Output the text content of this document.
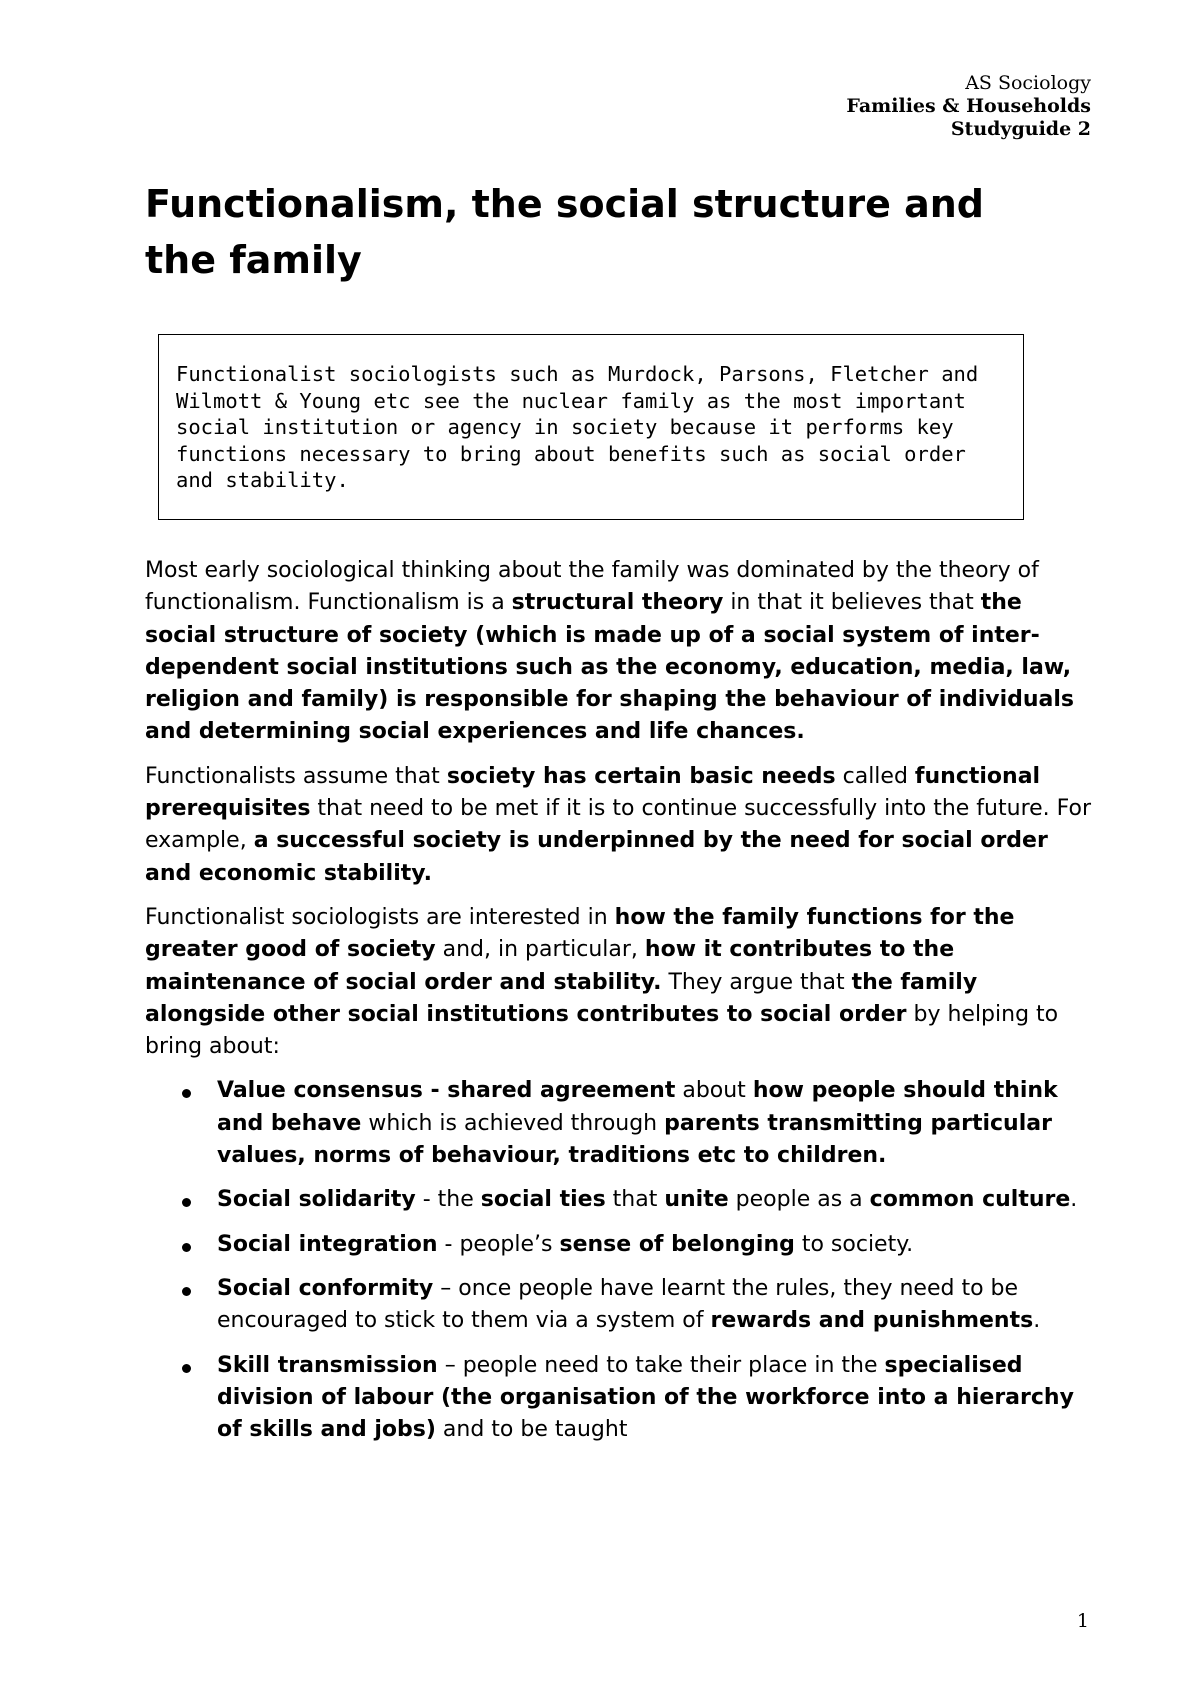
AS Sociology
Families & Households
Studyguide 2
Functionalism, the social structure and the family

Functionalist sociologists such as Murdock, Parsons, Fletcher and Wilmott & Young etc see the nuclear family as the most important social institution or agency in society because it performs key functions necessary to bring about benefits such as social order and stability.

Most early sociological thinking about the family was dominated by the theory of functionalism. Functionalism is a structural theory in that it believes that the social structure of society (which is made up of a social system of inter-dependent social institutions such as the economy, education, media, law, religion and family) is responsible for shaping the behaviour of individuals and determining social experiences and life chances.

Functionalists assume that society has certain basic needs called functional prerequisites that need to be met if it is to continue successfully into the future. For example, a successful society is underpinned by the need for social order and economic stability.

Functionalist sociologists are interested in how the family functions for the greater good of society and, in particular, how it contributes to the maintenance of social order and stability. They argue that the family alongside other social institutions contributes to social order by helping to bring about:

Value consensus - shared agreement about how people should think and behave which is achieved through parents transmitting particular values, norms of behaviour, traditions etc to children.
Social solidarity - the social ties that unite people as a common culture.
Social integration - people’s sense of belonging to society.
Social conformity – once people have learnt the rules, they need to be encouraged to stick to them via a system of rewards and punishments.
Skill transmission – people need to take their place in the specialised division of labour (the organisation of the workforce into a hierarchy of skills and jobs) and to be taught
1
